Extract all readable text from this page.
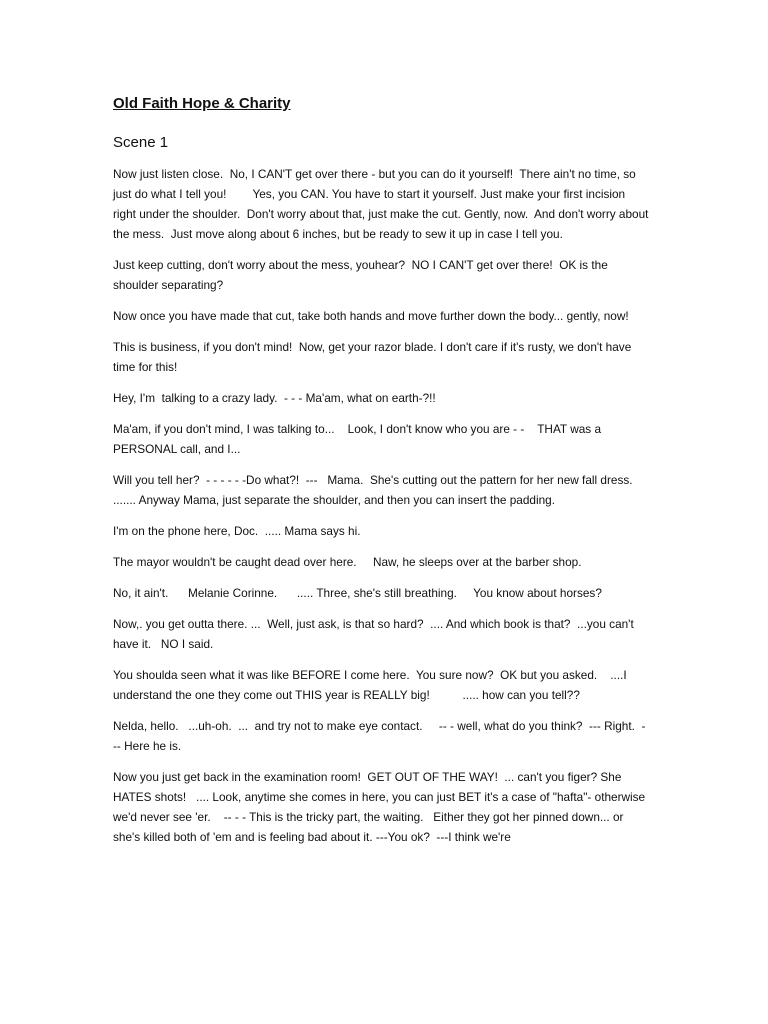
Old Faith Hope & Charity
Scene 1

Now just listen close.  No, I CAN'T get over there - but you can do it yourself!  There ain't no time, so just do what I tell you!        Yes, you CAN. You have to start it yourself. Just make your first incision right under the shoulder.  Don't worry about that, just make the cut. Gently, now.  And don't worry about the mess.  Just move along about 6 inches, but be ready to sew it up in case I tell you.

Just keep cutting, don't worry about the mess, youhear?  NO I CAN'T get over there!  OK is the shoulder separating?

Now once you have made that cut, take both hands and move further down the body... gently, now!

This is business, if you don't mind!  Now, get your razor blade. I don't care if it's rusty, we don't have time for this!

Hey, I'm  talking to a crazy lady.  - - - Ma'am, what on earth-?!!

Ma'am, if you don't mind, I was talking to...    Look, I don't know who you are - -    THAT was a PERSONAL call, and I...

Will you tell her?  - - - - - -Do what?!  ---   Mama.  She's cutting out the pattern for her new fall dress.   ....... Anyway Mama, just separate the shoulder, and then you can insert the padding.

I'm on the phone here, Doc.  ..... Mama says hi.

The mayor wouldn't be caught dead over here.     Naw, he sleeps over at the barber shop.

No, it ain't.      Melanie Corinne.      ..... Three, she's still breathing.     You know about horses?

Now,. you get outta there. ...  Well, just ask, is that so hard?  .... And which book is that?  ...you can't have it.   NO I said.

You shoulda seen what it was like BEFORE I come here.  You sure now?  OK but you asked.    ....I understand the one they come out THIS year is REALLY big!          ..... how can you tell??

Nelda, hello.   ...uh-oh.  ...  and try not to make eye contact.     -- - well, what do you think?  --- Right.  --- Here he is.

Now you just get back in the examination room!  GET OUT OF THE WAY!  ... can't you figer? She HATES shots!   .... Look, anytime she comes in here, you can just BET it's a case of "hafta"- otherwise we'd never see 'er.    -- - - This is the tricky part, the waiting.   Either they got her pinned down... or she's killed both of 'em and is feeling bad about it. ---You ok?  ---I think we're
